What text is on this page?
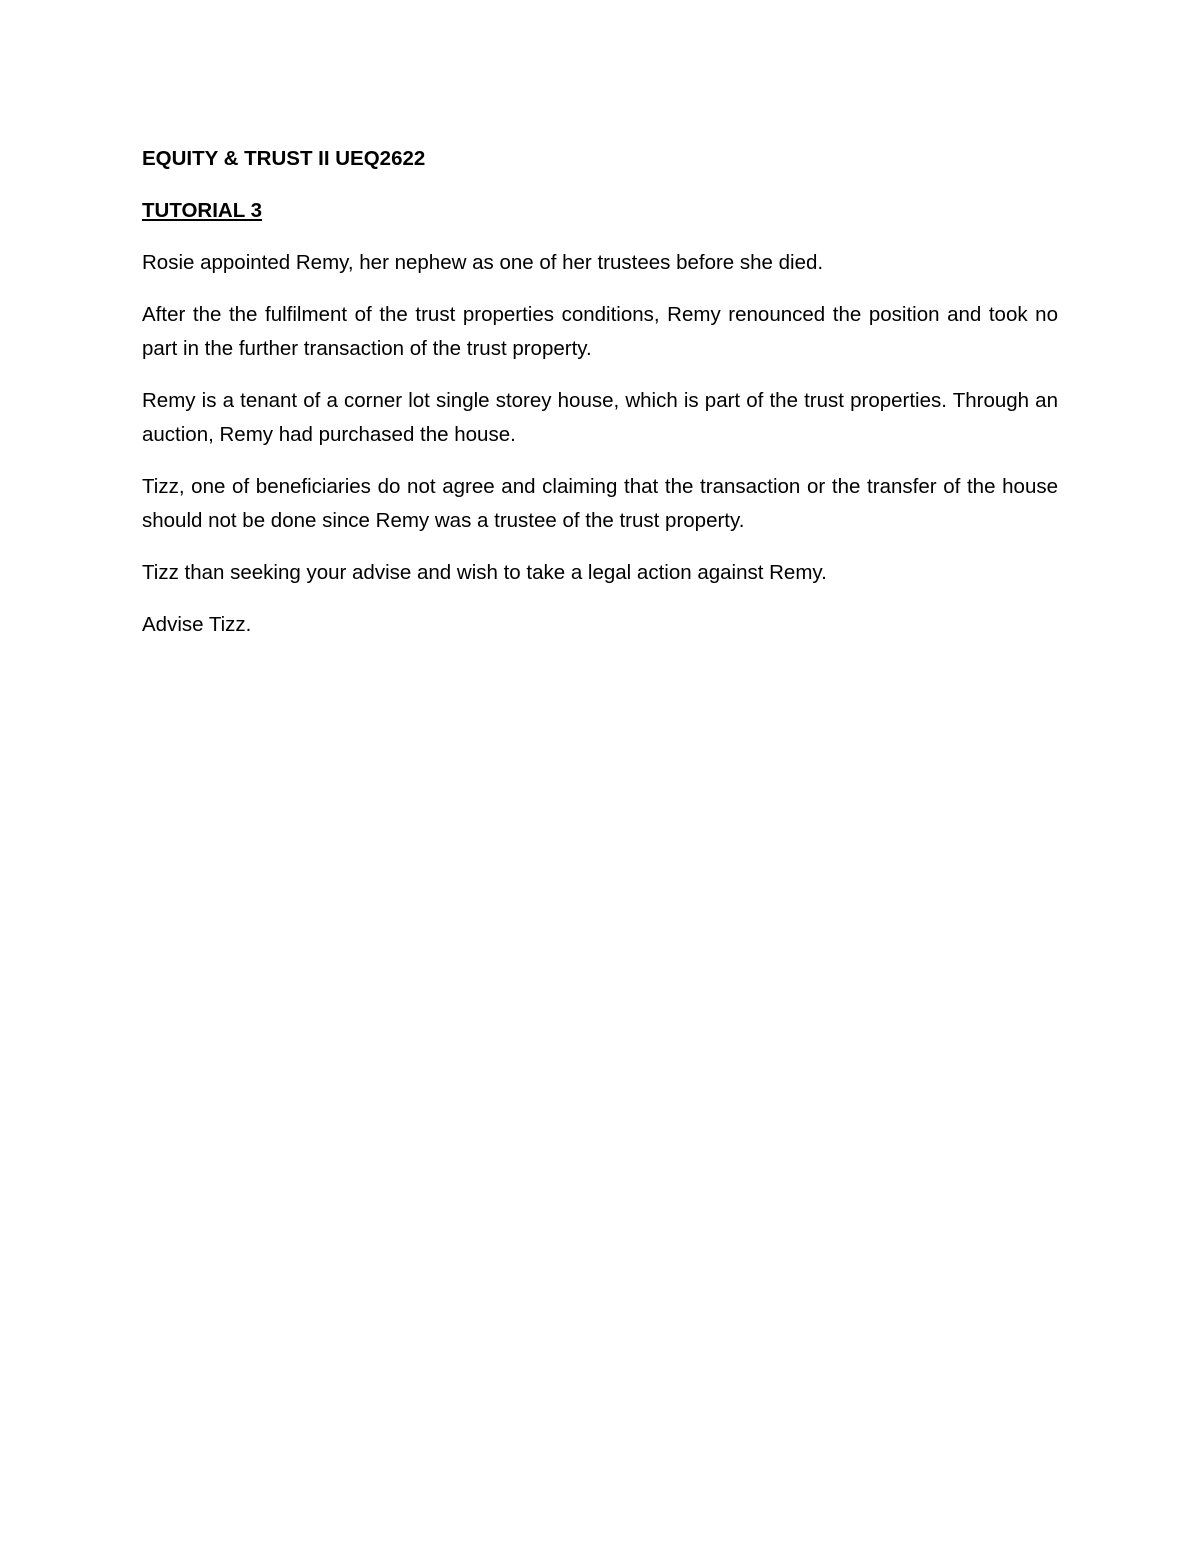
EQUITY & TRUST II UEQ2622

TUTORIAL 3

Rosie appointed Remy, her nephew as one of her trustees before she died.

After the the fulfilment of the trust properties conditions, Remy renounced the position and took no part in the further transaction of the trust property.

Remy is a tenant of a corner lot single storey house, which is part of the trust properties. Through an auction, Remy had purchased the house.

Tizz, one of beneficiaries do not agree and claiming that the transaction or the transfer of the house should not be done since Remy was a trustee of the trust property.

Tizz than seeking your advise and wish to take a legal action against Remy.

Advise Tizz.
